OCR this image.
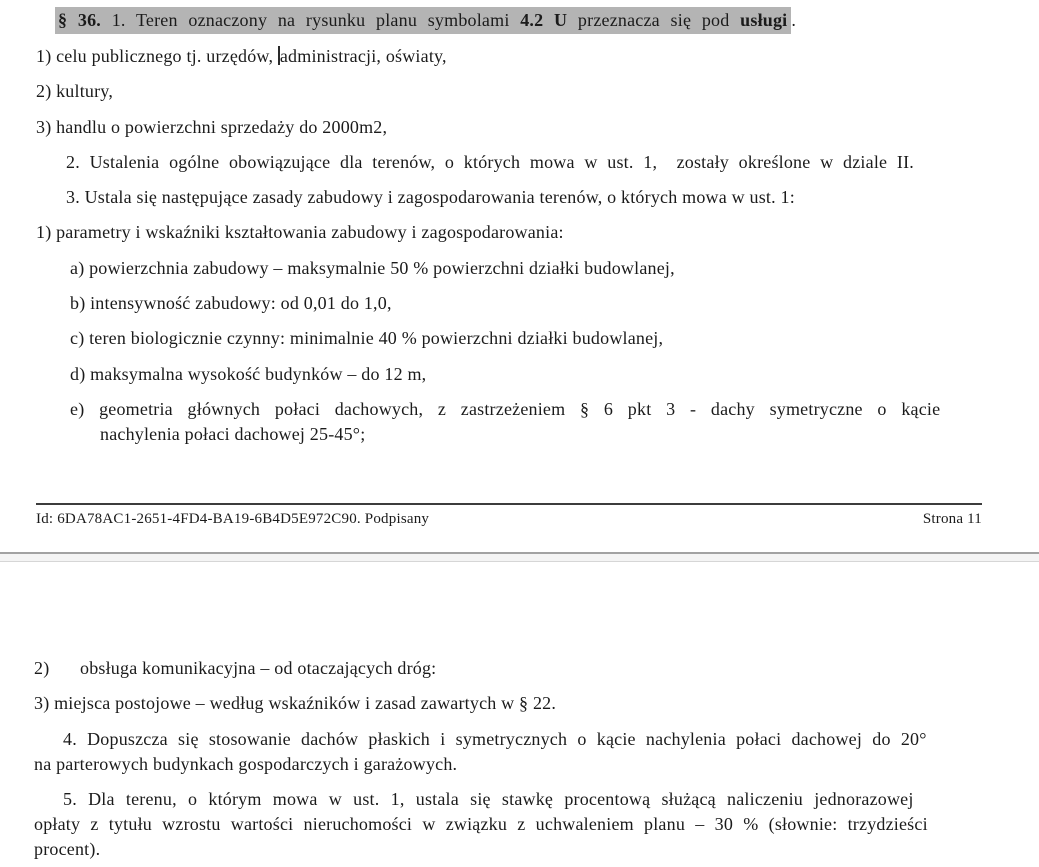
§ 36. 1. Teren oznaczony na rysunku planu symbolami 4.2 U przeznacza się pod usługi .

1) celu publicznego tj. urzędów, administracji, oświaty,

2) kultury,

3) handlu o powierzchni sprzedaży do 2000m2,

2. Ustalenia ogólne obowiązujące dla terenów, o których mowa w ust. 1,  zostały określone w dziale II.

3. Ustala się następujące zasady zabudowy i zagospodarowania terenów, o których mowa w ust. 1:

1) parametry i wskaźniki kształtowania zabudowy i zagospodarowania:

a) powierzchnia zabudowy – maksymalnie 50 % powierzchni działki budowlanej,

b) intensywność zabudowy: od 0,01 do 1,0,

c) teren biologicznie czynny: minimalnie 40 % powierzchni działki budowlanej,

d) maksymalna wysokość budynków – do 12 m,

e) geometria głównych połaci dachowych, z zastrzeżeniem § 6 pkt 3 - dachy symetryczne o kącie
nachylenia połaci dachowej 25-45°;

Id: 6DA78AC1-2651-4FD4-BA19-6B4D5E972C90. Podpisany	Strona 11

2) obsługa komunikacyjna – od otaczających dróg:

3) miejsca postojowe – według wskaźników i zasad zawartych w § 22.

4. Dopuszcza się stosowanie dachów płaskich i symetrycznych o kącie nachylenia połaci dachowej do 20°
na parterowych budynkach gospodarczych i garażowych.

5. Dla terenu, o którym mowa w ust. 1, ustala się stawkę procentową służącą naliczeniu jednorazowej
opłaty z tytułu wzrostu wartości nieruchomości w związku z uchwaleniem planu – 30 % (słownie: trzydzieści
procent).
